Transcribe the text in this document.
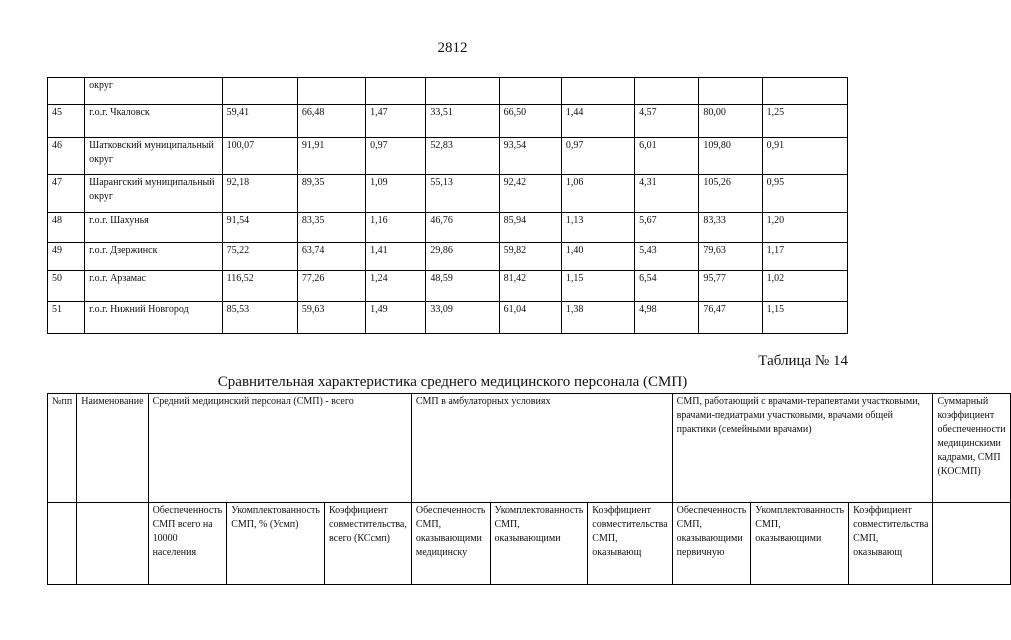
2812
	округ									
45	г.о.г. Чкаловск	59,41	66,48	1,47	33,51	66,50	1,44	4,57	80,00	1,25
46	Шатковский муниципальный округ	100,07	91,91	0,97	52,83	93,54	0,97	6,01	109,80	0,91
47	Шарангский муниципальный округ	92,18	89,35	1,09	55,13	92,42	1,06	4,31	105,26	0,95
48	г.о.г. Шахунья	91,54	83,35	1,16	46,76	85,94	1,13	5,67	83,33	1,20
49	г.о.г. Дзержинск	75,22	63,74	1,41	29,86	59,82	1,40	5,43	79,63	1,17
50	г.о.г. Арзамас	116,52	77,26	1,24	48,59	81,42	1,15	6,54	95,77	1,02
51	г.о.г. Нижний Новгород	85,53	59,63	1,49	33,09	61,04	1,38	4,98	76,47	1,15
Таблица № 14
Сравнительная характеристика среднего медицинского персонала (СМП)
№пп	Наименование	Средний медицинский персонал (СМП) - всего			СМП в амбулаторных условиях			СМП, работающий с врачами-терапевтами участковыми, врачами-педиатрами участковыми, врачами общей практики (семейными врачами)			Суммарный коэффициент обеспеченности медицинскими кадрами, СМП (КОСМП)
		Обеспеченность СМП всего на 10000 населения	Укомплектованность СМП, % (Усмп)	Коэффициент совместительства, всего (КСсмп)	Обеспеченность СМП, оказывающими медицинску	Укомплектованность СМП, оказывающими	Коэффициент совместительства СМП, оказывающ	Обеспеченность СМП, оказывающими первичную	Укомплектованность СМП, оказывающими	Коэффициент совместительства СМП, оказывающ	
